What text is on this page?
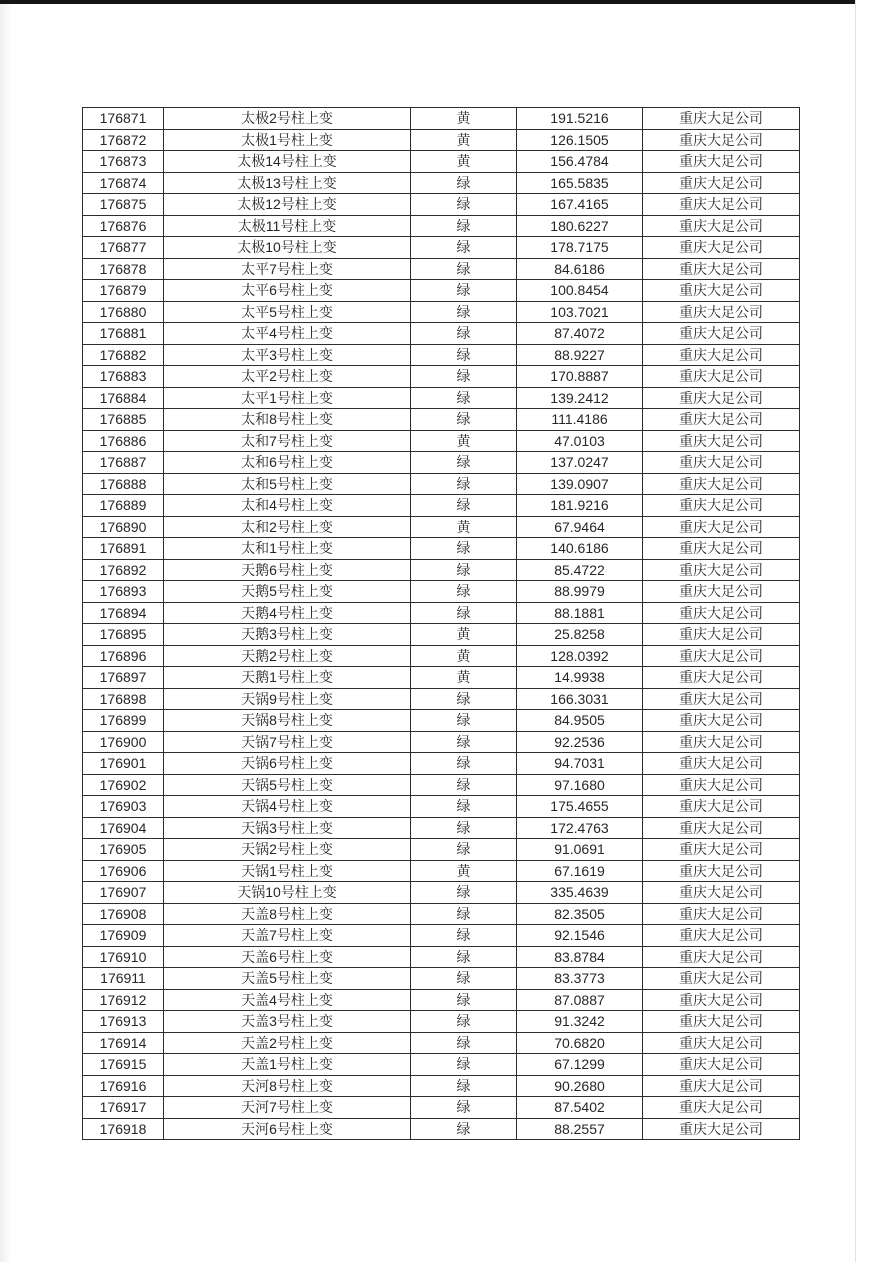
176871	太极2号柱上变	黄	191.5216	重庆大足公司
176872	太极1号柱上变	黄	126.1505	重庆大足公司
176873	太极14号柱上变	黄	156.4784	重庆大足公司
176874	太极13号柱上变	绿	165.5835	重庆大足公司
176875	太极12号柱上变	绿	167.4165	重庆大足公司
176876	太极11号柱上变	绿	180.6227	重庆大足公司
176877	太极10号柱上变	绿	178.7175	重庆大足公司
176878	太平7号柱上变	绿	84.6186	重庆大足公司
176879	太平6号柱上变	绿	100.8454	重庆大足公司
176880	太平5号柱上变	绿	103.7021	重庆大足公司
176881	太平4号柱上变	绿	87.4072	重庆大足公司
176882	太平3号柱上变	绿	88.9227	重庆大足公司
176883	太平2号柱上变	绿	170.8887	重庆大足公司
176884	太平1号柱上变	绿	139.2412	重庆大足公司
176885	太和8号柱上变	绿	111.4186	重庆大足公司
176886	太和7号柱上变	黄	47.0103	重庆大足公司
176887	太和6号柱上变	绿	137.0247	重庆大足公司
176888	太和5号柱上变	绿	139.0907	重庆大足公司
176889	太和4号柱上变	绿	181.9216	重庆大足公司
176890	太和2号柱上变	黄	67.9464	重庆大足公司
176891	太和1号柱上变	绿	140.6186	重庆大足公司
176892	天鹅6号柱上变	绿	85.4722	重庆大足公司
176893	天鹅5号柱上变	绿	88.9979	重庆大足公司
176894	天鹅4号柱上变	绿	88.1881	重庆大足公司
176895	天鹅3号柱上变	黄	25.8258	重庆大足公司
176896	天鹅2号柱上变	黄	128.0392	重庆大足公司
176897	天鹅1号柱上变	黄	14.9938	重庆大足公司
176898	天锅9号柱上变	绿	166.3031	重庆大足公司
176899	天锅8号柱上变	绿	84.9505	重庆大足公司
176900	天锅7号柱上变	绿	92.2536	重庆大足公司
176901	天锅6号柱上变	绿	94.7031	重庆大足公司
176902	天锅5号柱上变	绿	97.1680	重庆大足公司
176903	天锅4号柱上变	绿	175.4655	重庆大足公司
176904	天锅3号柱上变	绿	172.4763	重庆大足公司
176905	天锅2号柱上变	绿	91.0691	重庆大足公司
176906	天锅1号柱上变	黄	67.1619	重庆大足公司
176907	天锅10号柱上变	绿	335.4639	重庆大足公司
176908	天盖8号柱上变	绿	82.3505	重庆大足公司
176909	天盖7号柱上变	绿	92.1546	重庆大足公司
176910	天盖6号柱上变	绿	83.8784	重庆大足公司
176911	天盖5号柱上变	绿	83.3773	重庆大足公司
176912	天盖4号柱上变	绿	87.0887	重庆大足公司
176913	天盖3号柱上变	绿	91.3242	重庆大足公司
176914	天盖2号柱上变	绿	70.6820	重庆大足公司
176915	天盖1号柱上变	绿	67.1299	重庆大足公司
176916	天河8号柱上变	绿	90.2680	重庆大足公司
176917	天河7号柱上变	绿	87.5402	重庆大足公司
176918	天河6号柱上变	绿	88.2557	重庆大足公司
